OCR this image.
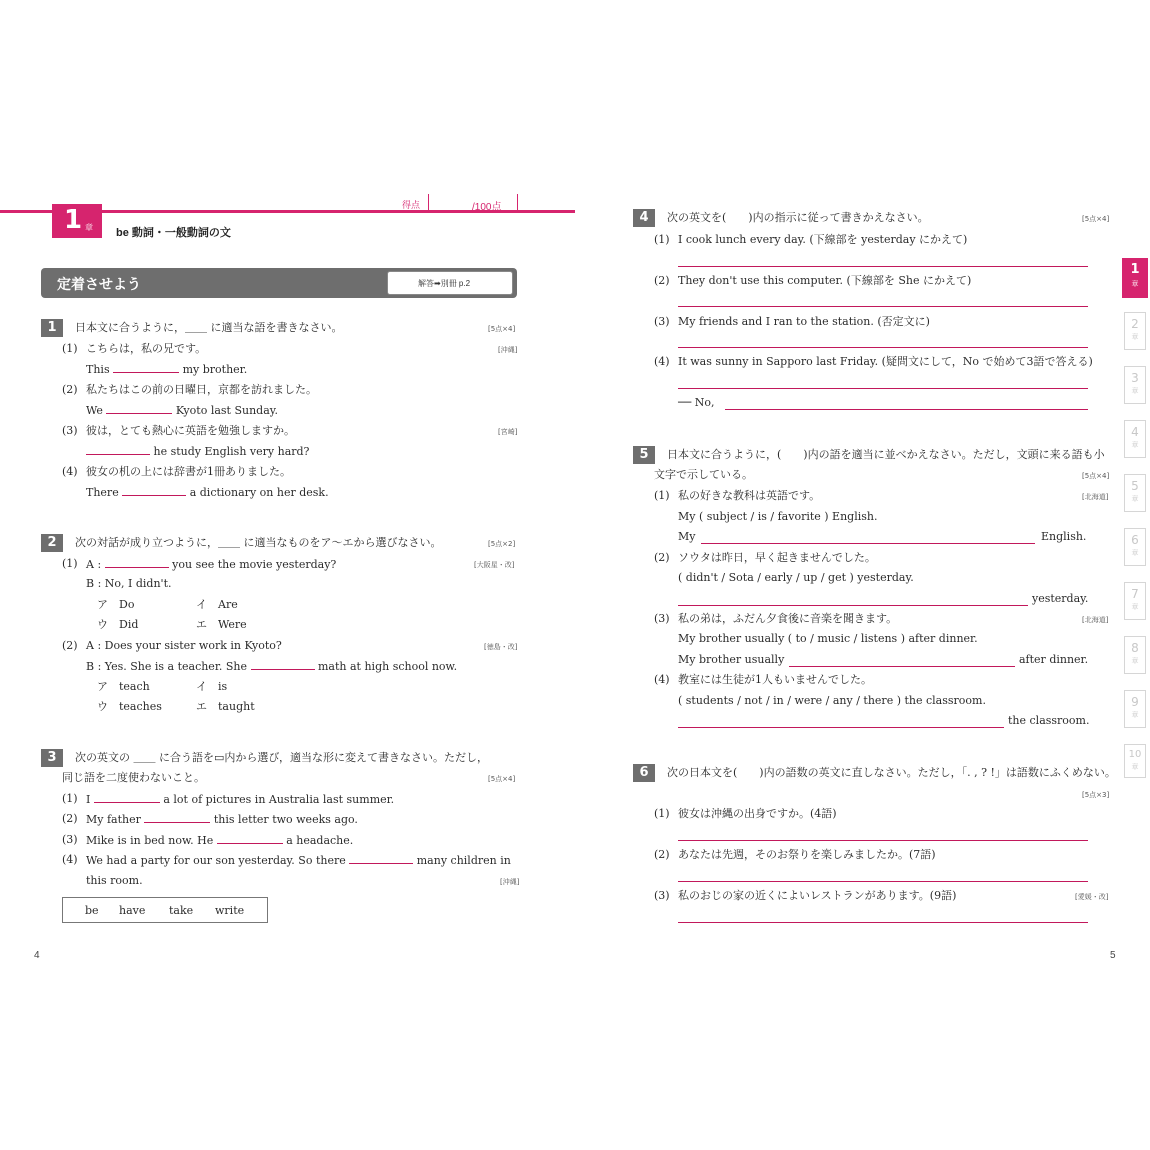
1 章 be 動詞・一般動詞の文
得点	/100点
定着させよう	解答➡別冊 p.2
1	日本文に合うように，＿＿ に適当な語を書きなさい。	[5点×4]
(1) こちらは，私の兄です。	[沖縄]
This	my brother.
(2) 私たちはこの前の日曜日，京都を訪れました。
We	Kyoto last Sunday.
(3) 彼は，とても熱心に英語を勉強しますか。	[宮崎]
he study English very hard?
(4) 彼女の机の上には辞書が1冊ありました。
There	a dictionary on her desk.
2	次の対話が成り立つように，＿＿ に適当なものをア～エから選びなさい。	[5点×2]
(1) A :	you see the movie yesterday?	[大阪星・改]
B : No, I didn't.
ア　Do	イ　Are
ウ　Did	エ　Were
(2) A : Does your sister work in Kyoto?	[徳島・改]
B : Yes. She is a teacher. She	math at high school now.
ア　teach	イ　is
ウ　teaches	エ　taught
3	次の英文の ＿＿ に合う語を▭内から選び，適当な形に変えて書きなさい。ただし，
同じ語を二度使わないこと。	[5点×4]
(1) I	a lot of pictures in Australia last summer.
(2) My father	this letter two weeks ago.
(3) Mike is in bed now. He	a headache.
(4) We had a party for our son yesterday. So there	many children in
this room.	[沖縄]
be have take write
4
4	次の英文を(　　)内の指示に従って書きかえなさい。	[5点×4]
(1) I cook lunch every day. (下線部を yesterday にかえて)
(2) They don't use this computer. (下線部を She にかえて)
(3) My friends and I ran to the station. (否定文に)
(4) It was sunny in Sapporo last Friday. (疑問文にして，No で始めて3語で答える)
── No,
5	日本文に合うように，(　　)内の語を適当に並べかえなさい。ただし，文頭に来る語も小
文字で示している。	[5点×4]
(1) 私の好きな教科は英語です。	[北海道]
My ( subject / is / favorite ) English.
My	English.
(2) ソウタは昨日，早く起きませんでした。
( didn't / Sota / early / up / get ) yesterday.
yesterday.
(3) 私の弟は，ふだん夕食後に音楽を聞きます。	[北海道]
My brother usually ( to / music / listens ) after dinner.
My brother usually	after dinner.
(4) 教室には生徒が1人もいませんでした。
( students / not / in / were / any / there ) the classroom.
the classroom.
6	次の日本文を(　　)内の語数の英文に直しなさい。ただし，「. , ? !」は語数にふくめない。
[5点×3]
(1) 彼女は沖縄の出身ですか。(4語)
(2) あなたは先週，そのお祭りを楽しみましたか。(7語)
(3) 私のおじの家の近くによいレストランがあります。(9語)	[愛媛・改]
5
1
章
2
章
3
章
4
章
5
章
6
章
7
章
8
章
9
章
10
章
